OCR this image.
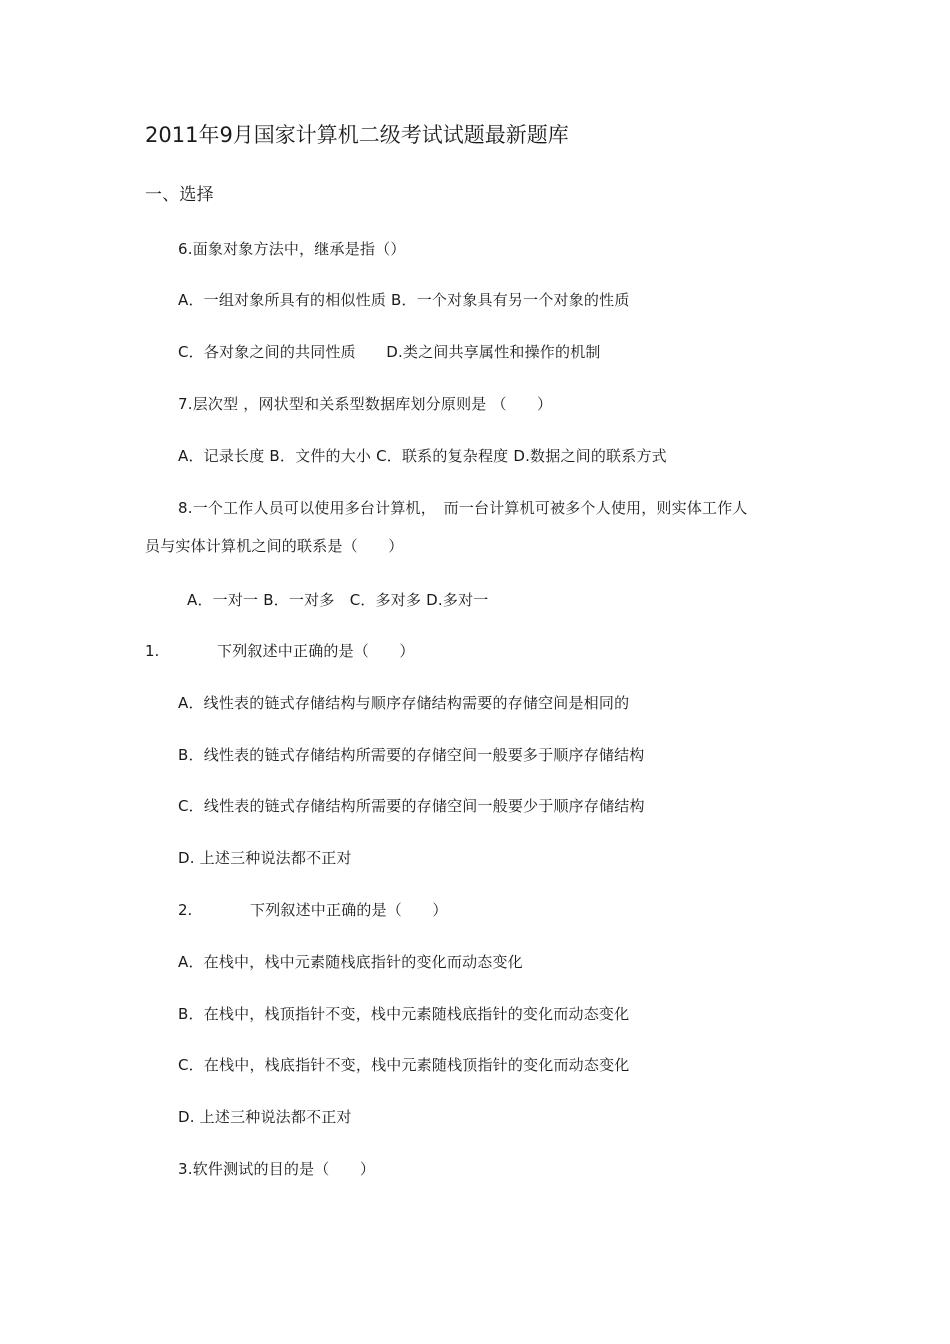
2011年9月国家计算机二级考试试题最新题库
一、选择
6.面象对象方法中，继承是指（）
A．一组对象所具有的相似性质 B．一个对象具有另一个对象的性质
C．各对象之间的共同性质　　D.类之间共享属性和操作的机制
7.层次型 ，网状型和关系型数据库划分原则是 （　　）
A．记录长度 B．文件的大小 C．联系的复杂程度 D.数据之间的联系方式
8.一个工作人员可以使用多台计算机，　而一台计算机可被多个人使用，则实体工作人
员与实体计算机之间的联系是（　　）
A．一对一 B．一对多　C．多对多 D.多对一
1.	下列叙述中正确的是（　　）
A．线性表的链式存储结构与顺序存储结构需要的存储空间是相同的
B．线性表的链式存储结构所需要的存储空间一般要多于顺序存储结构
C．线性表的链式存储结构所需要的存储空间一般要少于顺序存储结构
D. 上述三种说法都不正对
2.	下列叙述中正确的是（　　）
A．在栈中，栈中元素随栈底指针的变化而动态变化
B．在栈中，栈顶指针不变，栈中元素随栈底指针的变化而动态变化
C．在栈中，栈底指针不变，栈中元素随栈顶指针的变化而动态变化
D. 上述三种说法都不正对
3.软件测试的目的是（　　）
